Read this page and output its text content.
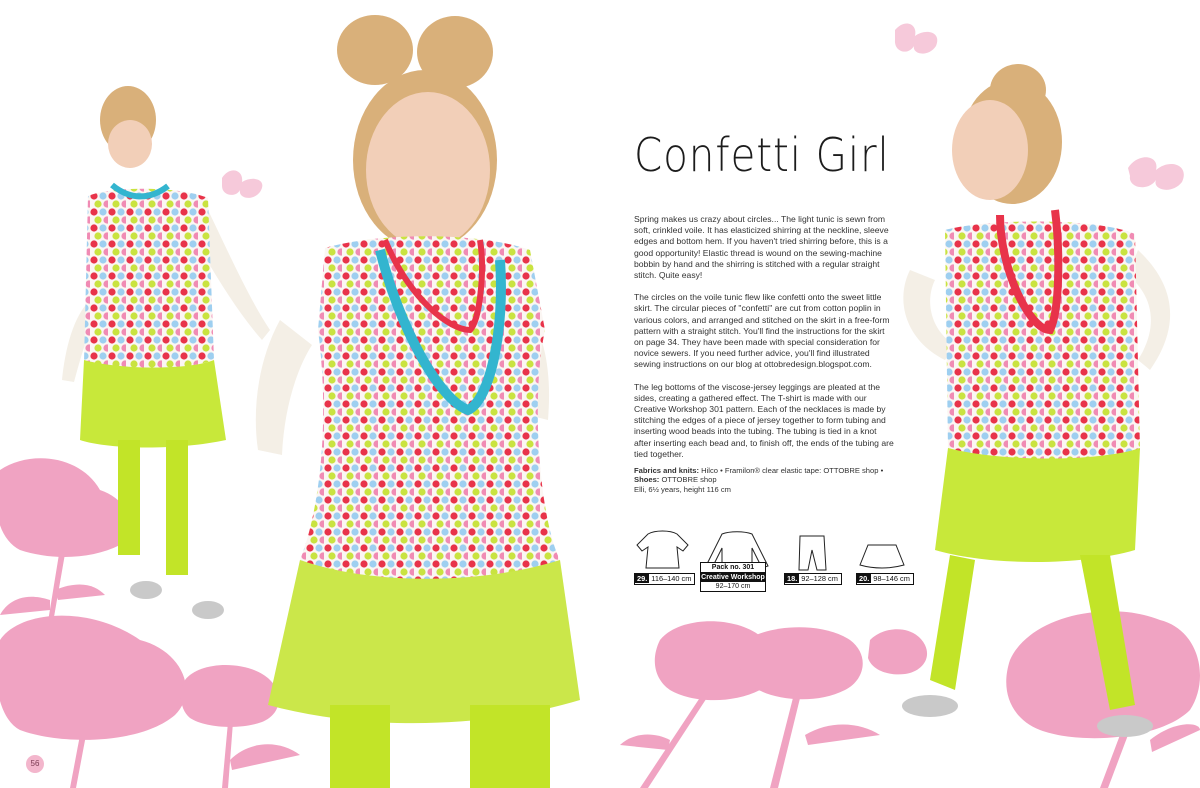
Confetti Girl

Spring makes us crazy about circles... The light tunic is sewn from soft, crinkled voile. It has elasticized shirring at the neckline, sleeve edges and bottom hem. If you haven't tried shirring before, this is a good opportunity! Elastic thread is wound on the sewing-machine bobbin by hand and the shirring is stitched with a regular straight stitch. Quite easy!

The circles on the voile tunic flew like confetti onto the sweet little skirt. The circular pieces of "confetti" are cut from cotton poplin in various colors, and arranged and stitched on the skirt in a free-form pattern with a straight stitch. You'll find the instructions for the skirt on page 34. They have been made with special consideration for novice sewers. If you need further advice, you'll find illustrated sewing instructions on our blog at ottobredesign.blogspot.com.

The leg bottoms of the viscose-jersey leggings are pleated at the sides, creating a gathered effect. The T-shirt is made with our Creative Workshop 301 pattern. Each of the necklaces is made by stitching the edges of a piece of jersey together to form tubing and inserting wood beads into the tubing. The tubing is tied in a knot after inserting each bead and, to finish off, the ends of the tubing are tied together.

Fabrics and knits: Hilco • Framilon® clear elastic tape: OTTOBRE shop •
Shoes: OTTOBRE shop
Elli, 6½ years, height 116 cm
29. 116–140 cm
Pack no. 301
Creative Workshop
92–170 cm
18. 92–128 cm	20. 98–146 cm
56
